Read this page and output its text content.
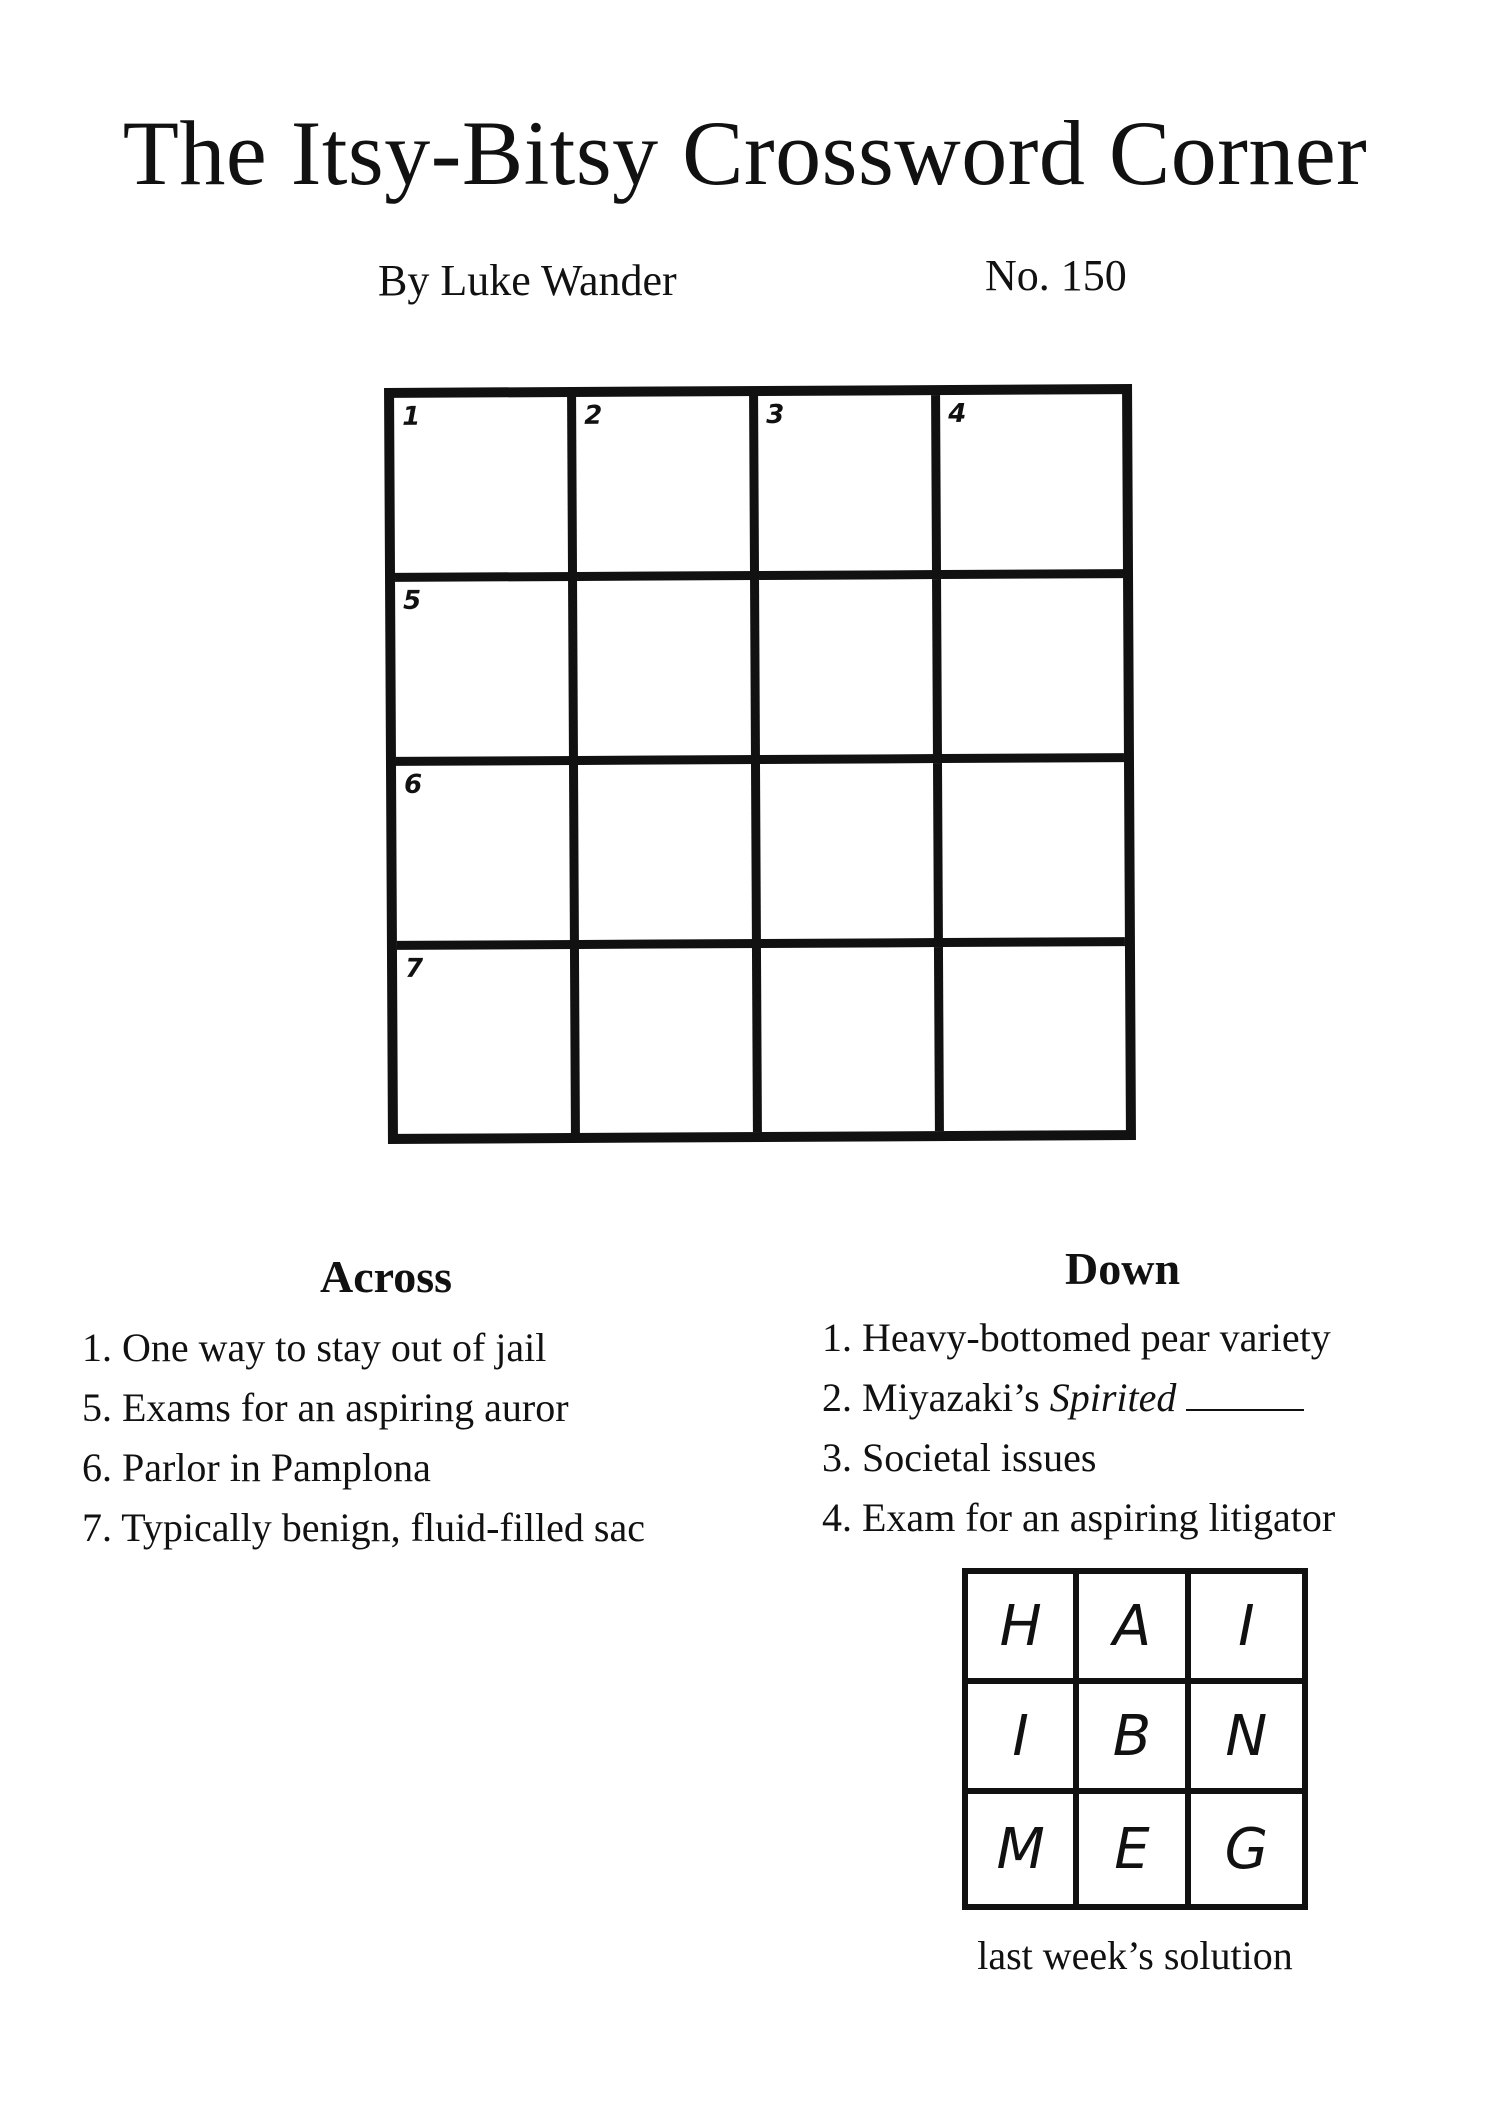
The Itsy-Bitsy Crossword Corner
By Luke Wander	No. 150
1	2	3	4
5
6
7
Across
1. One way to stay out of jail
5. Exams for an aspiring auror
6. Parlor in Pamplona
7. Typically benign, fluid-filled sac
Down
1. Heavy-bottomed pear variety
2. Miyazaki’s Spirited
3. Societal issues
4. Exam for an aspiring litigator
H	A	I
I	B	N
M	E	G
last week’s solution
